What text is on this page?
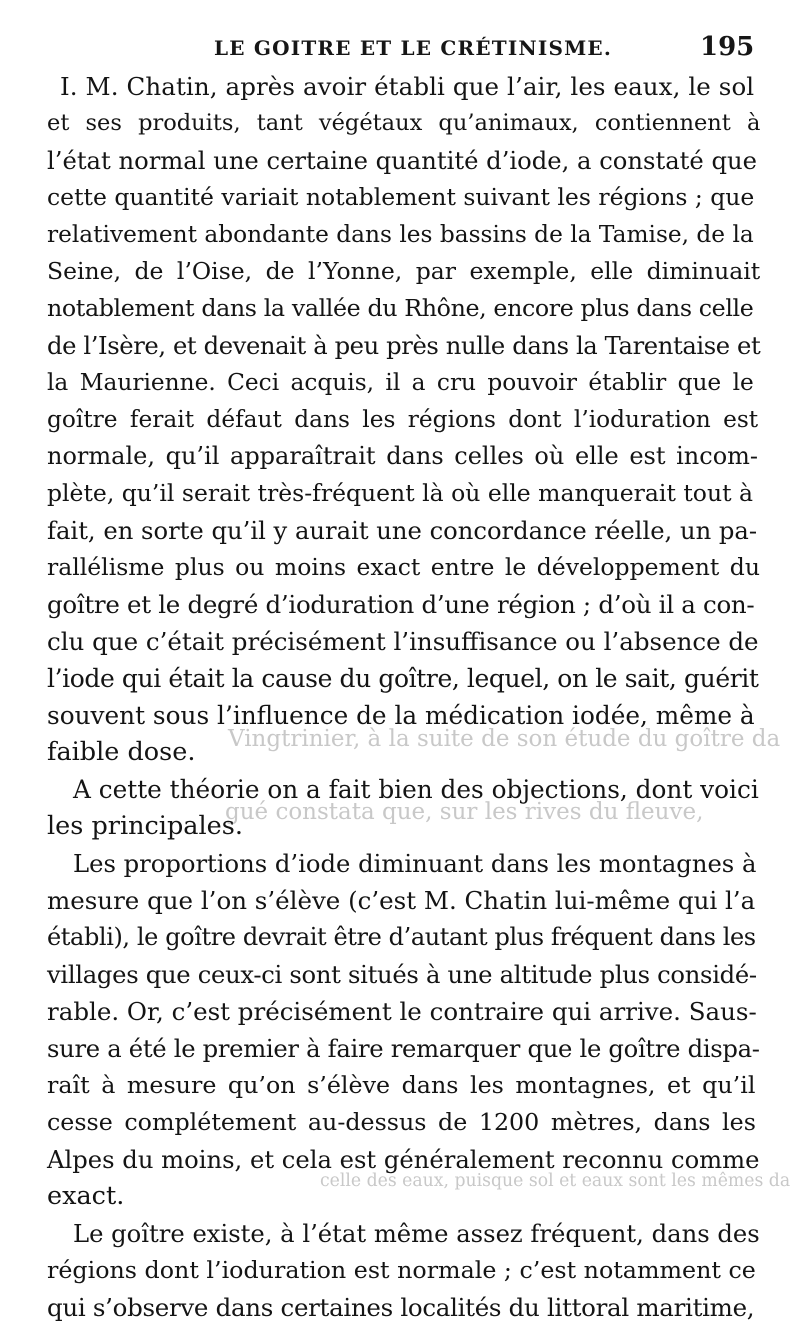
LE GOITRE ET LE CRÉTINISME.	195
Vingtrinier, à la suite de son étude du goître da
gué constata que, sur les rives du fleuve,
celle des eaux, puisque sol et eaux sont les mêmes da
I. M. Chatin, après avoir établi que l’air, les eaux, le sol
et ses produits, tant végétaux qu’animaux, contiennent à
l’état normal une certaine quantité d’iode, a constaté que
cette quantité variait notablement suivant les régions ; que
relativement abondante dans les bassins de la Tamise, de la
Seine, de l’Oise, de l’Yonne, par exemple, elle diminuait
notablement dans la vallée du Rhône, encore plus dans celle
de l’Isère, et devenait à peu près nulle dans la Tarentaise et
la Maurienne. Ceci acquis, il a cru pouvoir établir que le
goître ferait défaut dans les régions dont l’ioduration est
normale, qu’il apparaîtrait dans celles où elle est incom-
plète, qu’il serait très-fréquent là où elle manquerait tout à
fait, en sorte qu’il y aurait une concordance réelle, un pa-
rallélisme plus ou moins exact entre le développement du
goître et le degré d’ioduration d’une région ; d’où il a con-
clu que c’était précisément l’insuffisance ou l’absence de
l’iode qui était la cause du goître, lequel, on le sait, guérit
souvent sous l’influence de la médication iodée, même à
faible dose.
A cette théorie on a fait bien des objections, dont voici
les principales.
Les proportions d’iode diminuant dans les montagnes à
mesure que l’on s’élève (c’est M. Chatin lui-même qui l’a
établi), le goître devrait être d’autant plus fréquent dans les
villages que ceux-ci sont situés à une altitude plus considé-
rable. Or, c’est précisément le contraire qui arrive. Saus-
sure a été le premier à faire remarquer que le goître dispa-
raît à mesure qu’on s’élève dans les montagnes, et qu’il
cesse complétement au-dessus de 1200 mètres, dans les
Alpes du moins, et cela est généralement reconnu comme
exact.
Le goître existe, à l’état même assez fréquent, dans des
régions dont l’ioduration est normale ; c’est notamment ce
qui s’observe dans certaines localités du littoral maritime,
